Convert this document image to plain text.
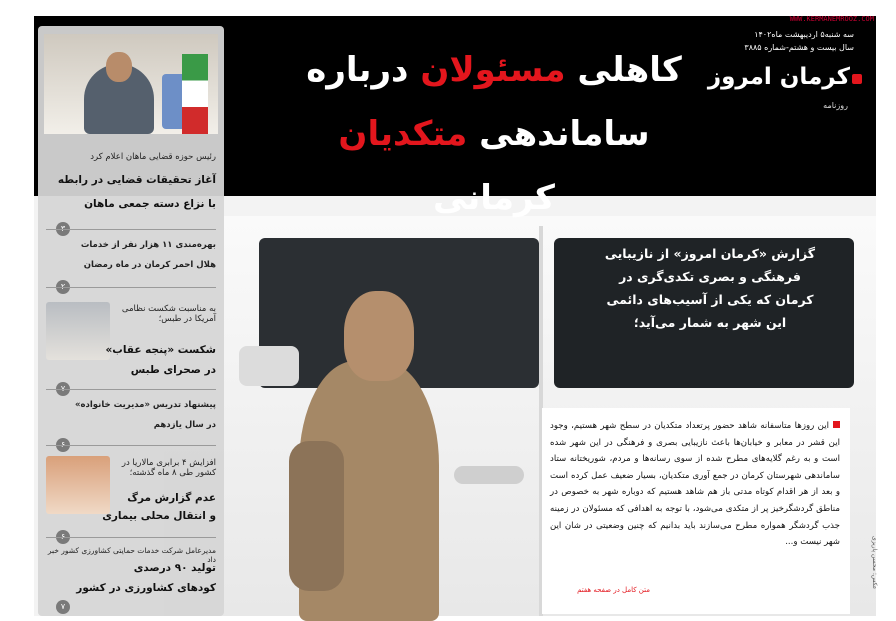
WWW.KERMANEMROOZ.COM
سه شنبه۵ اردیبهشت ماه۱۴۰۲
سال بیست و هشتم-شماره ۳۸۸۵
کرمان امروز
روزنامه
کاهلی مسئولان درباره
ساماندهی متکدیان کرمانی
گزارش «کرمان امروز» از نازیبایی فرهنگی و بصری تکدی‌گری در کرمان که یکی از آسیب‌های دائمی این شهر به شمار می‌آید؛
این روزها متاسفانه شاهد حضور پرتعداد متکدیان در سطح شهر هستیم، وجود این قشر در معابر و خیابان‌ها باعث نازیبایی بصری و فرهنگی در این شهر شده است و به رغم گلایه‌های مطرح شده از سوی رسانه‌ها و مردم، شوریختانه ستاد ساماندهی شهرستان کرمان در جمع آوری متکدیان، بسیار ضعیف عمل کرده است و بعد از هر اقدام کوتاه مدتی باز هم شاهد هستیم که دوباره شهر به خصوص در مناطق گردشگرخیز پر از متکدی می‌شود، با توجه به اهدافی که مسئولان در زمینه جذب گردشگر همواره مطرح می‌سازند باید بدانیم که چنین وضعیتی در شان این شهر نیست و...
متن کامل در صفحه هفتم
عکس: محسن پاریزی
رئیس حوزه قضایی ماهان اعلام کرد
آغاز تحقیقات قضایی در رابطه
با نزاع دسته جمعی ماهان
بهره‌مندی ۱۱ هزار نفر از خدمات
هلال احمر کرمان در ماه رمضان
به مناسبت شکست نظامی آمریکا در طبس؛
شکست «پنجه عقاب»
در صحرای طبس
پیشنهاد تدریس «مدیریت خانواده»
در سال یازدهم
افزایش ۴ برابری مالاریا در کشور طی ۸ ماه گذشته؛
عدم گزارش مرگ
و انتقال محلی بیماری
مدیرعامل شرکت خدمات حمایتی کشاورزی کشور خبر داد
تولید ۹۰ درصدی
کودهای کشاورزی در کشور
۷
